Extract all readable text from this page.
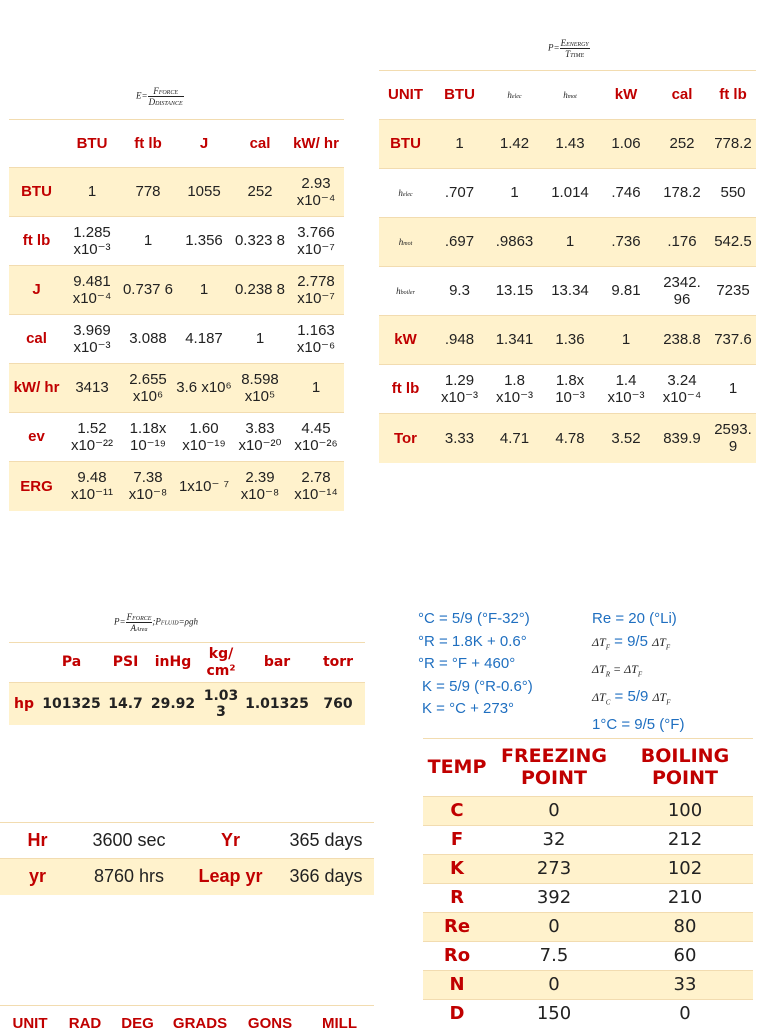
$E= \frac{\text{FFORCE}}{\text{DDISTANCE}}$
	BTU	ft lb	J	cal	kW/ hr
BTU	1	778	1055	252	2.93 x10⁻⁴
ft lb	1.285 x10⁻³	1	1.356	0.323 8	3.766 x10⁻⁷
J	9.481 x10⁻⁴	0.737 6	1	0.238 8	2.778 x10⁻⁷
cal	3.969 x10⁻³	3.088	4.187	1	1.163 x10⁻⁶
kW/ hr	3413	2.655 x10⁶	3.6 x10⁶	8.598 x10⁵	1
ev	1.52 x10⁻²²	1.18x 10⁻¹⁹	1.60 x10⁻¹⁹	3.83 x10⁻²⁰	4.45 x10⁻²⁶
ERG	9.48 x10⁻¹¹	7.38 x10⁻⁸	1x10⁻ ⁷	2.39 x10⁻⁸	2.78 x10⁻¹⁴
$P= \frac{\text{EENERGY}}{\text{TTIME}}$
UNIT	BTU	helec	hmot	kW	cal	ft lb
BTU	1	1.42	1.43	1.06	252	778.2
helec	.707	1	1.014	.746	178.2	550
hmot	.697	.9863	1	.736	.176	542.5
hboiler	9.3	13.15	13.34	9.81	2342. 96	7235
kW	.948	1.341	1.36	1	238.8	737.6
ft lb	1.29 x10⁻³	1.8 x10⁻³	1.8x 10⁻³	1.4 x10⁻³	3.24 x10⁻⁴	1
Tor	3.33	4.71	4.78	3.52	839.9	2593. 9
$P= \frac{\text{FFORCE}}{\text{AArea}}$ ;PFLUID=ρgh
	Pa	PSI	inHg	kg/ cm²	bar	torr
hp	101325	14.7	29.92	1.03 3	1.01325	760
°C = 5/9 (°F-32°)
°R = 1.8K + 0.6°
°R = °F + 460°
K = 5/9 (°R-0.6°)
K = °C + 273°
Re = 20 (°Li)
$\Delta T_F = 9/5$ $\Delta T_F$
$\Delta T_R = \Delta T_F$
$\Delta T_C = 5/9$ $\Delta T_F$
1°C = 9/5 (°F)
Hr	3600 sec	Yr	365 days
yr	8760 hrs	Leap yr	366 days
TEMP	FREEZING POINT	BOILING POINT
C	0	100
F	32	212
K	273	102
R	392	210
Re	0	80
Ro	7.5	60
N	0	33
D	150	0
UNIT	RAD	DEG	GRADS	GONS	MILL
